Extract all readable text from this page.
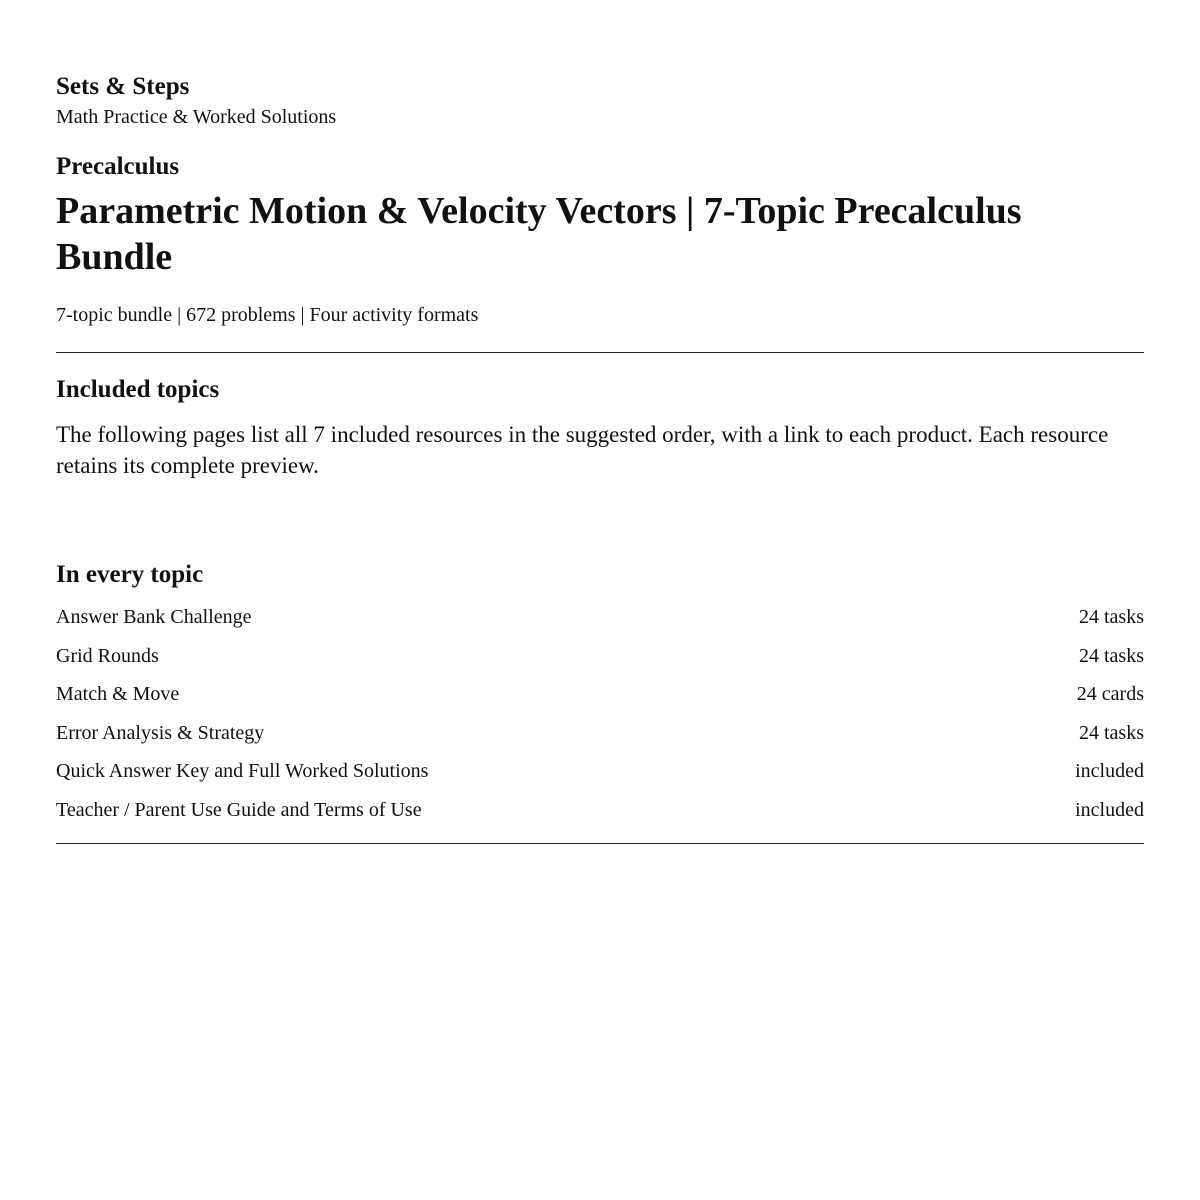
Sets & Steps

Math Practice & Worked Solutions

Precalculus

Parametric Motion & Velocity Vectors | 7-Topic Precalculus Bundle

7-topic bundle | 672 problems | Four activity formats

Included topics

The following pages list all 7 included resources in the suggested order, with a link to each product. Each resource retains its complete preview.

In every topic
Answer Bank Challenge	24 tasks
Grid Rounds	24 tasks
Match & Move	24 cards
Error Analysis & Strategy	24 tasks
Quick Answer Key and Full Worked Solutions	included
Teacher / Parent Use Guide and Terms of Use	included
